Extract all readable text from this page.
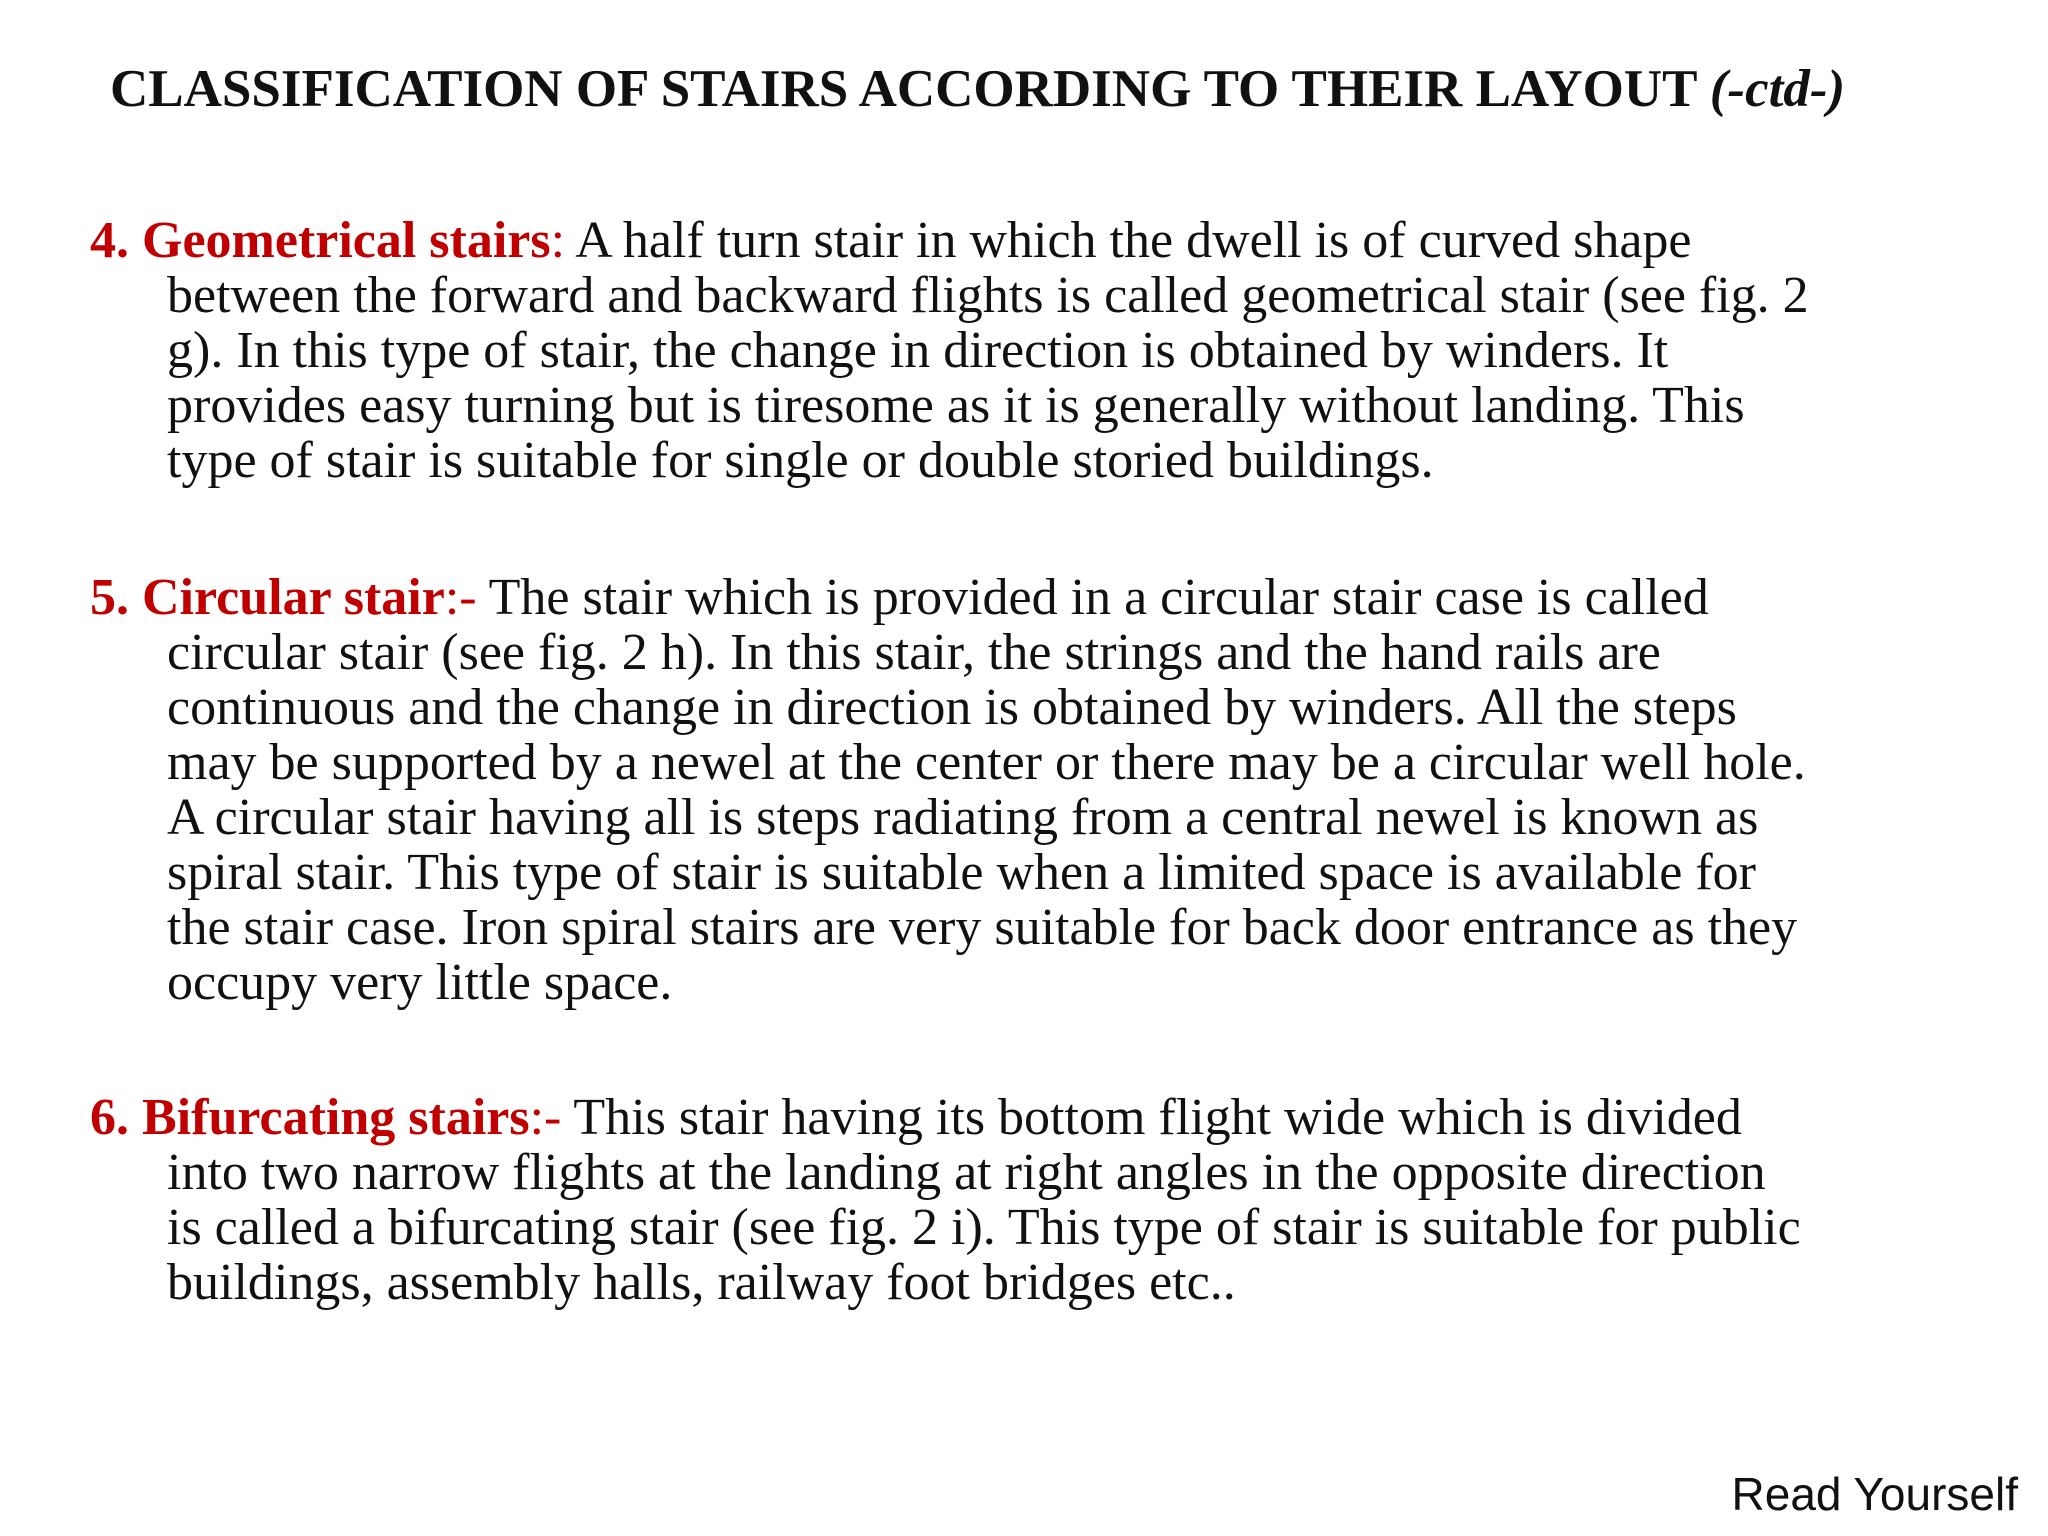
CLASSIFICATION OF STAIRS ACCORDING TO THEIR LAYOUT (-ctd-)
4. Geometrical stairs: A half turn stair in which the dwell is of curved shape
between the forward and backward flights is called geometrical stair (see fig. 2
g). In this type of stair, the change in direction is obtained by winders. It
provides easy turning but is tiresome as it is generally without landing. This
type of stair is suitable for single or double storied buildings.
5. Circular stair:- The stair which is provided in a circular stair case is called
circular stair (see fig. 2 h). In this stair, the strings and the hand rails are
continuous and the change in direction is obtained by winders. All the steps
may be supported by a newel at the center or there may be a circular well hole.
A circular stair having all is steps radiating from a central newel is known as
spiral stair. This type of stair is suitable when a limited space is available for
the stair case. Iron spiral stairs are very suitable for back door entrance as they
occupy very little space.
6. Bifurcating stairs:- This stair having its bottom flight wide which is divided
into two narrow flights at the landing at right angles in the opposite direction
is called a bifurcating stair (see fig. 2 i). This type of stair is suitable for public
buildings, assembly halls, railway foot bridges etc..
Read Yourself
